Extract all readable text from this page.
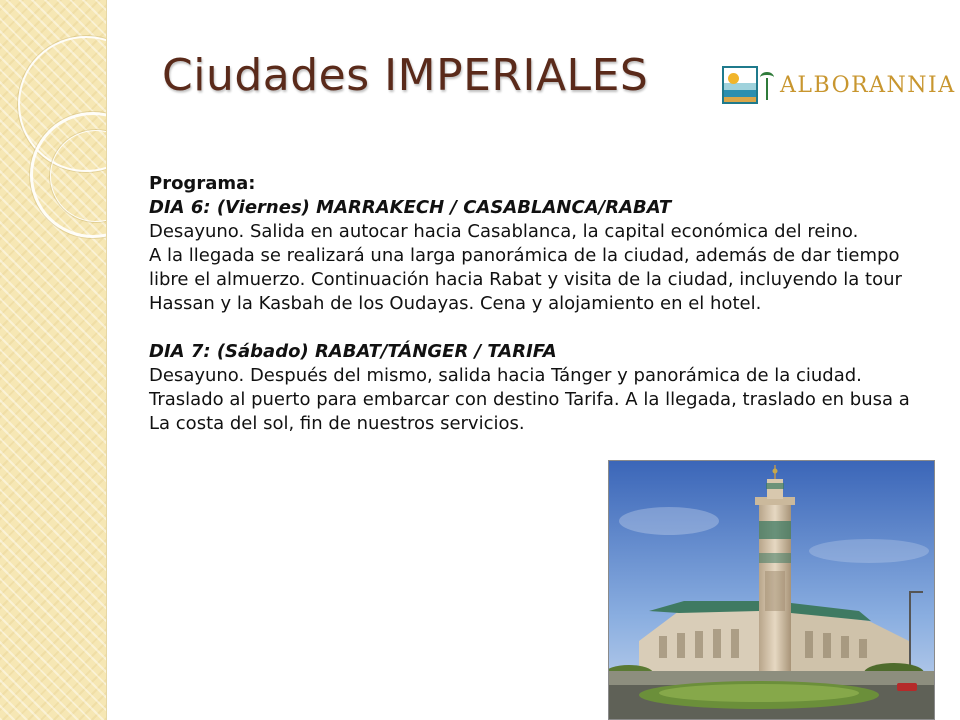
Ciudades IMPERIALES	ALBORANNIA

Programa:

DIA 6: (Viernes) MARRAKECH / CASABLANCA/RABAT

Desayuno. Salida en autocar hacia Casablanca, la capital económica del reino.

A la llegada se realizará una larga panorámica de la ciudad, además de dar tiempo

libre el almuerzo. Continuación hacia Rabat y visita de la ciudad, incluyendo la tour

Hassan y la Kasbah de los Oudayas. Cena y alojamiento en el hotel.

DIA 7: (Sábado) RABAT/TÁNGER / TARIFA

Desayuno. Después del mismo, salida hacia Tánger y panorámica de la ciudad.

Traslado al puerto para embarcar con destino Tarifa. A la llegada, traslado en busa a

La costa del sol, fin de nuestros servicios.
